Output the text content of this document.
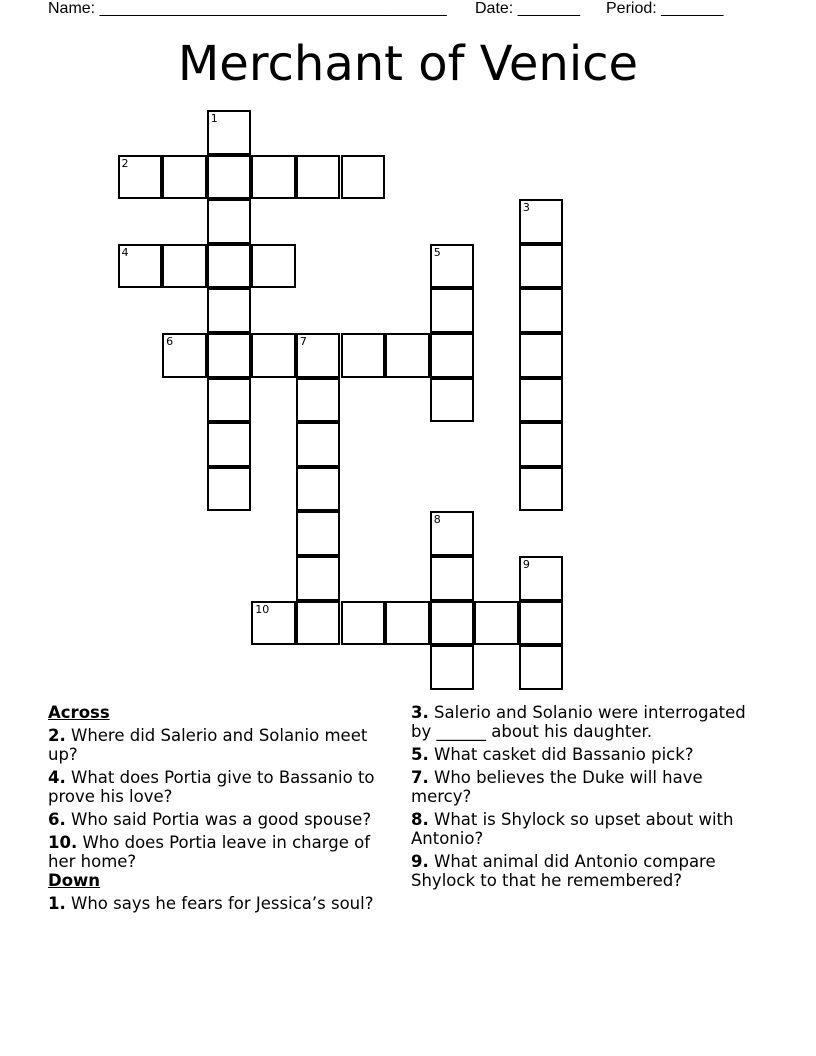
Name: _______________________________________ Date: _______ Period: _______
Merchant of Venice
1
2
3
4	5
6	7
8
9
10
Across
2. Where did Salerio and Solanio meet up?
4. What does Portia give to Bassanio to prove his love?
6. Who said Portia was a good spouse?
10. Who does Portia leave in charge of her home?
Down
1. Who says he fears for Jessica’s soul?
3. Salerio and Solanio were interrogated by ______ about his daughter.
5. What casket did Bassanio pick?
7. Who believes the Duke will have mercy?
8. What is Shylock so upset about with Antonio?
9. What animal did Antonio compare Shylock to that he remembered?
